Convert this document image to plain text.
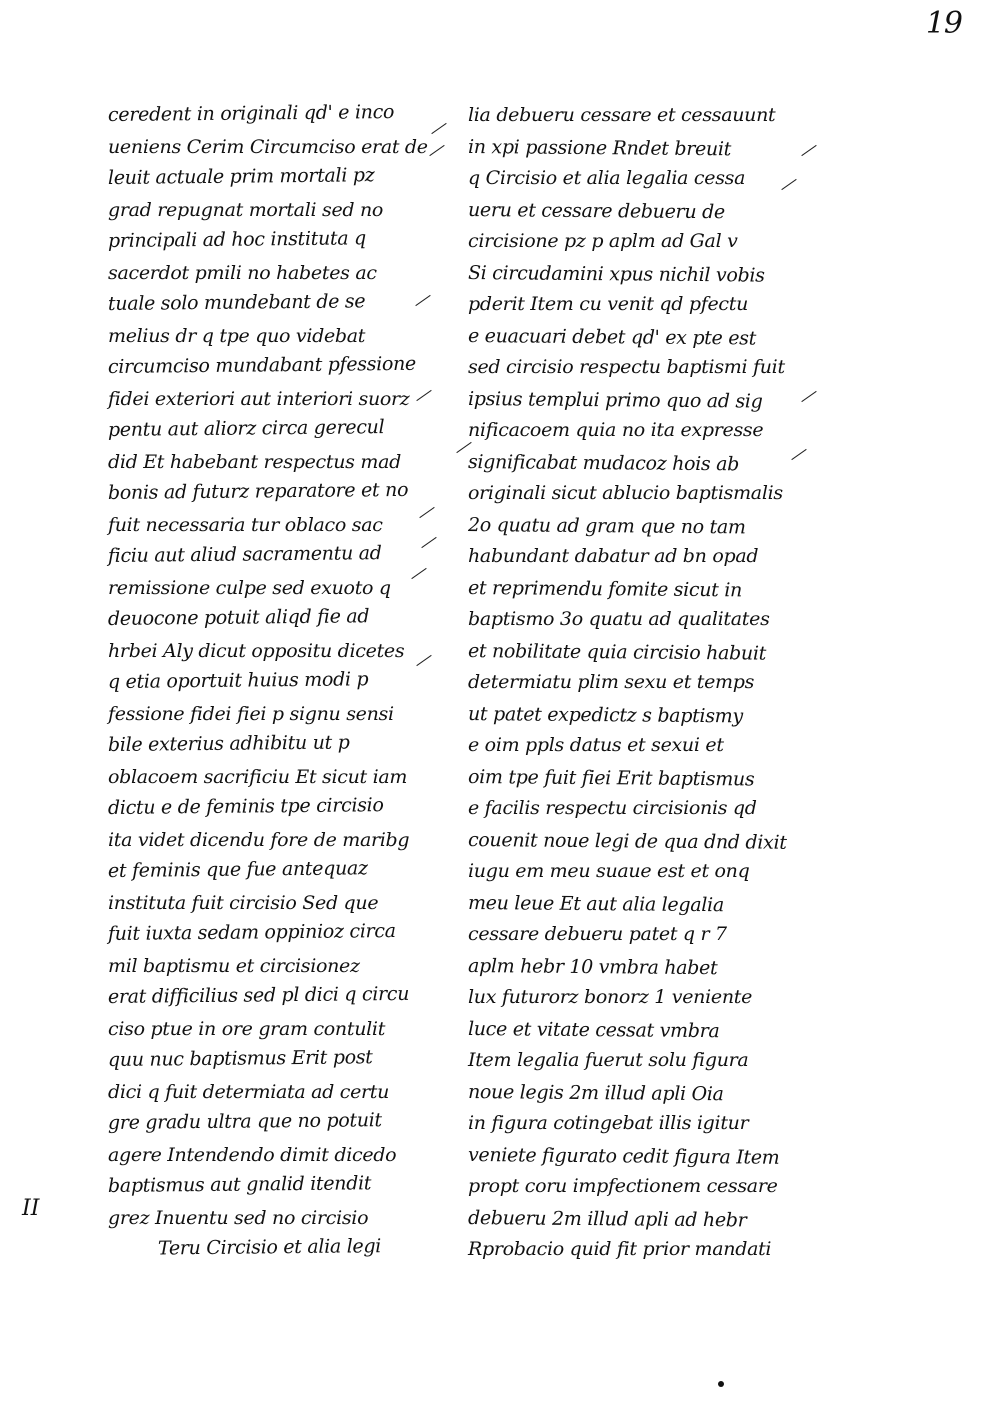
19
ceredent in originali qd' e inco
ueniens Cerim Circumciso erat de
leuit actuale prim mortali pz
grad repugnat mortali sed no
principali ad hoc instituta q
sacerdot pmili no habetes ac
tuale solo mundebant de se
melius dr q tpe quo videbat
circumciso mundabant pfessione
fidei exteriori aut interiori suorz
pentu aut aliorz circa gerecul
did Et habebant respectus mad
bonis ad futurz reparatore et no
fuit necessaria tur oblaco sac
ficiu aut aliud sacramentu ad
remissione culpe sed exuoto q
deuocone potuit aliqd fie ad
hrbei Aly dicut oppositu dicetes
q etia oportuit huius modi p
fessione fidei fiei p signu sensi
bile exterius adhibitu ut p
oblacoem sacrificiu Et sicut iam
dictu e de feminis tpe circisio
ita videt dicendu fore de maribg
et feminis que fue antequaz
instituta fuit circisio Sed que
fuit iuxta sedam oppinioz circa
mil baptismu et circisionez
erat difficilius sed pl dici q circu
ciso ptue in ore gram contulit
quu nuc baptismus Erit post
dici q fuit determiata ad certu
gre gradu ultra que no potuit
agere Intendendo dimit dicedo
baptismus aut gnalid itendit
grez Inuentu sed no circisio
Teru Circisio et alia legi
lia debueru cessare et cessauunt
in xpi passione Rndet breuit
q Circisio et alia legalia cessa
ueru et cessare debueru de
circisione pz p aplm ad Gal v
Si circudamini xpus nichil vobis
pderit Item cu venit qd pfectu
e euacuari debet qd' ex pte est
sed circisio respectu baptismi fuit
ipsius templui primo quo ad sig
nificacoem quia no ita expresse
significabat mudacoz hois ab
originali sicut ablucio baptismalis
2o quatu ad gram que no tam
habundant dabatur ad bn opad
et reprimendu fomite sicut in
baptismo 3o quatu ad qualitates
et nobilitate quia circisio habuit
determiatu plim sexu et temps
ut patet expedictz s baptismy
e oim ppls datus et sexui et
oim tpe fuit fiei Erit baptismus
e facilis respectu circisionis qd
couenit noue legi de qua dnd dixit
iugu em meu suaue est et onq
meu leue Et aut alia legalia
cessare debueru patet q r 7
aplm hebr 10 vmbra habet
lux futurorz bonorz 1 veniente
luce et vitate cessat vmbra
Item legalia fuerut solu figura
noue legis 2m illud apli Oia
in figura cotingebat illis igitur
veniete figurato cedit figura Item
propt coru impfectionem cessare
debueru 2m illud apli ad hebr
Rprobacio quid fit prior mandati
II
